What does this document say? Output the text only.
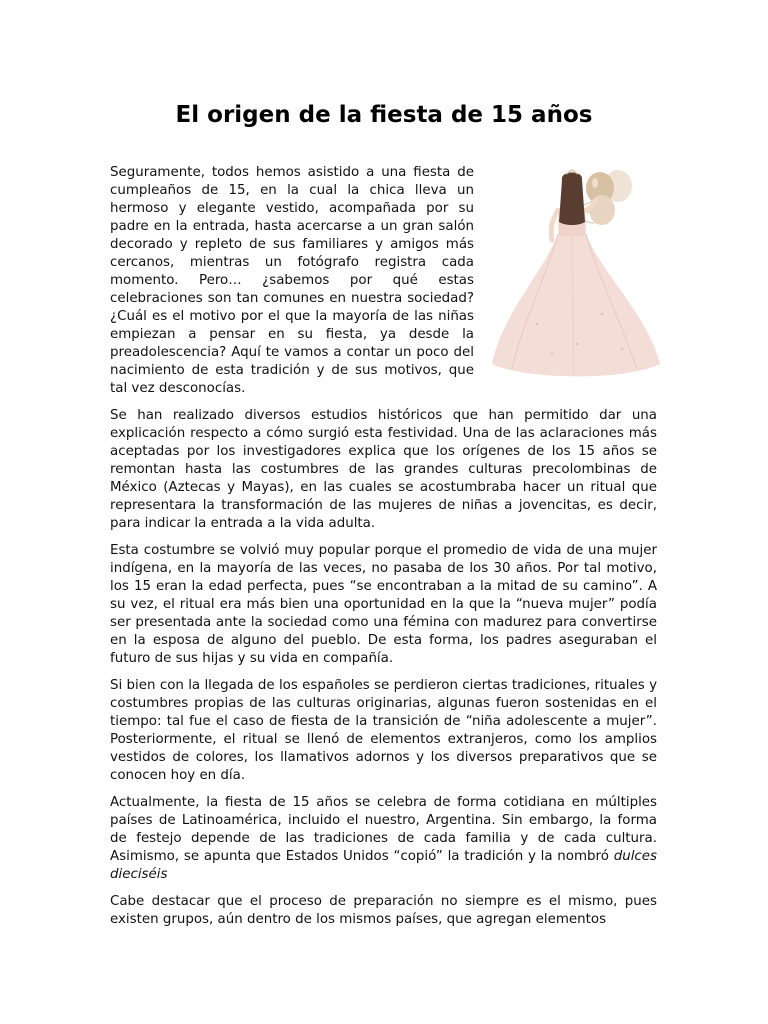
El origen de la fiesta de 15 años

Seguramente, todos hemos asistido a una fiesta de cumpleaños de 15, en la cual la chica lleva un hermoso y elegante vestido, acompañada por su padre en la entrada, hasta acercarse a un gran salón decorado y repleto de sus familiares y amigos más cercanos, mientras un fotógrafo registra cada momento. Pero… ¿sabemos por qué estas celebraciones son tan comunes en nuestra sociedad? ¿Cuál es el motivo por el que la mayoría de las niñas empiezan a pensar en su fiesta, ya desde la preadolescencia? Aquí te vamos a contar un poco del nacimiento de esta tradición y de sus motivos, que tal vez desconocías.

Se han realizado diversos estudios históricos que han permitido dar una explicación respecto a cómo surgió esta festividad. Una de las aclaraciones más aceptadas por los investigadores explica que los orígenes de los 15 años se remontan hasta las costumbres de las grandes culturas precolombinas de México (Aztecas y Mayas), en las cuales se acostumbraba hacer un ritual que representara la transformación de las mujeres de niñas a jovencitas, es decir, para indicar la entrada a la vida adulta.

Esta costumbre se volvió muy popular porque el promedio de vida de una mujer indígena, en la mayoría de las veces, no pasaba de los 30 años. Por tal motivo, los 15 eran la edad perfecta, pues “se encontraban a la mitad de su camino”. A su vez, el ritual era más bien una oportunidad en la que la “nueva mujer” podía ser presentada ante la sociedad como una fémina con madurez para convertirse en la esposa de alguno del pueblo. De esta forma, los padres aseguraban el futuro de sus hijas y su vida en compañía.

Si bien con la llegada de los españoles se perdieron ciertas tradiciones, rituales y costumbres propias de las culturas originarias, algunas fueron sostenidas en el tiempo: tal fue el caso de fiesta de la transición de “niña adolescente a mujer”. Posteriormente, el ritual se llenó de elementos extranjeros, como los amplios vestidos de colores, los llamativos adornos y los diversos preparativos que se conocen hoy en día.

Actualmente, la fiesta de 15 años se celebra de forma cotidiana en múltiples países de Latinoamérica, incluido el nuestro, Argentina. Sin embargo, la forma de festejo depende de las tradiciones de cada familia y de cada cultura. Asimismo, se apunta que Estados Unidos “copió” la tradición y la nombró dulces dieciséis

Cabe destacar que el proceso de preparación no siempre es el mismo, pues existen grupos, aún dentro de los mismos países, que agregan elementos
